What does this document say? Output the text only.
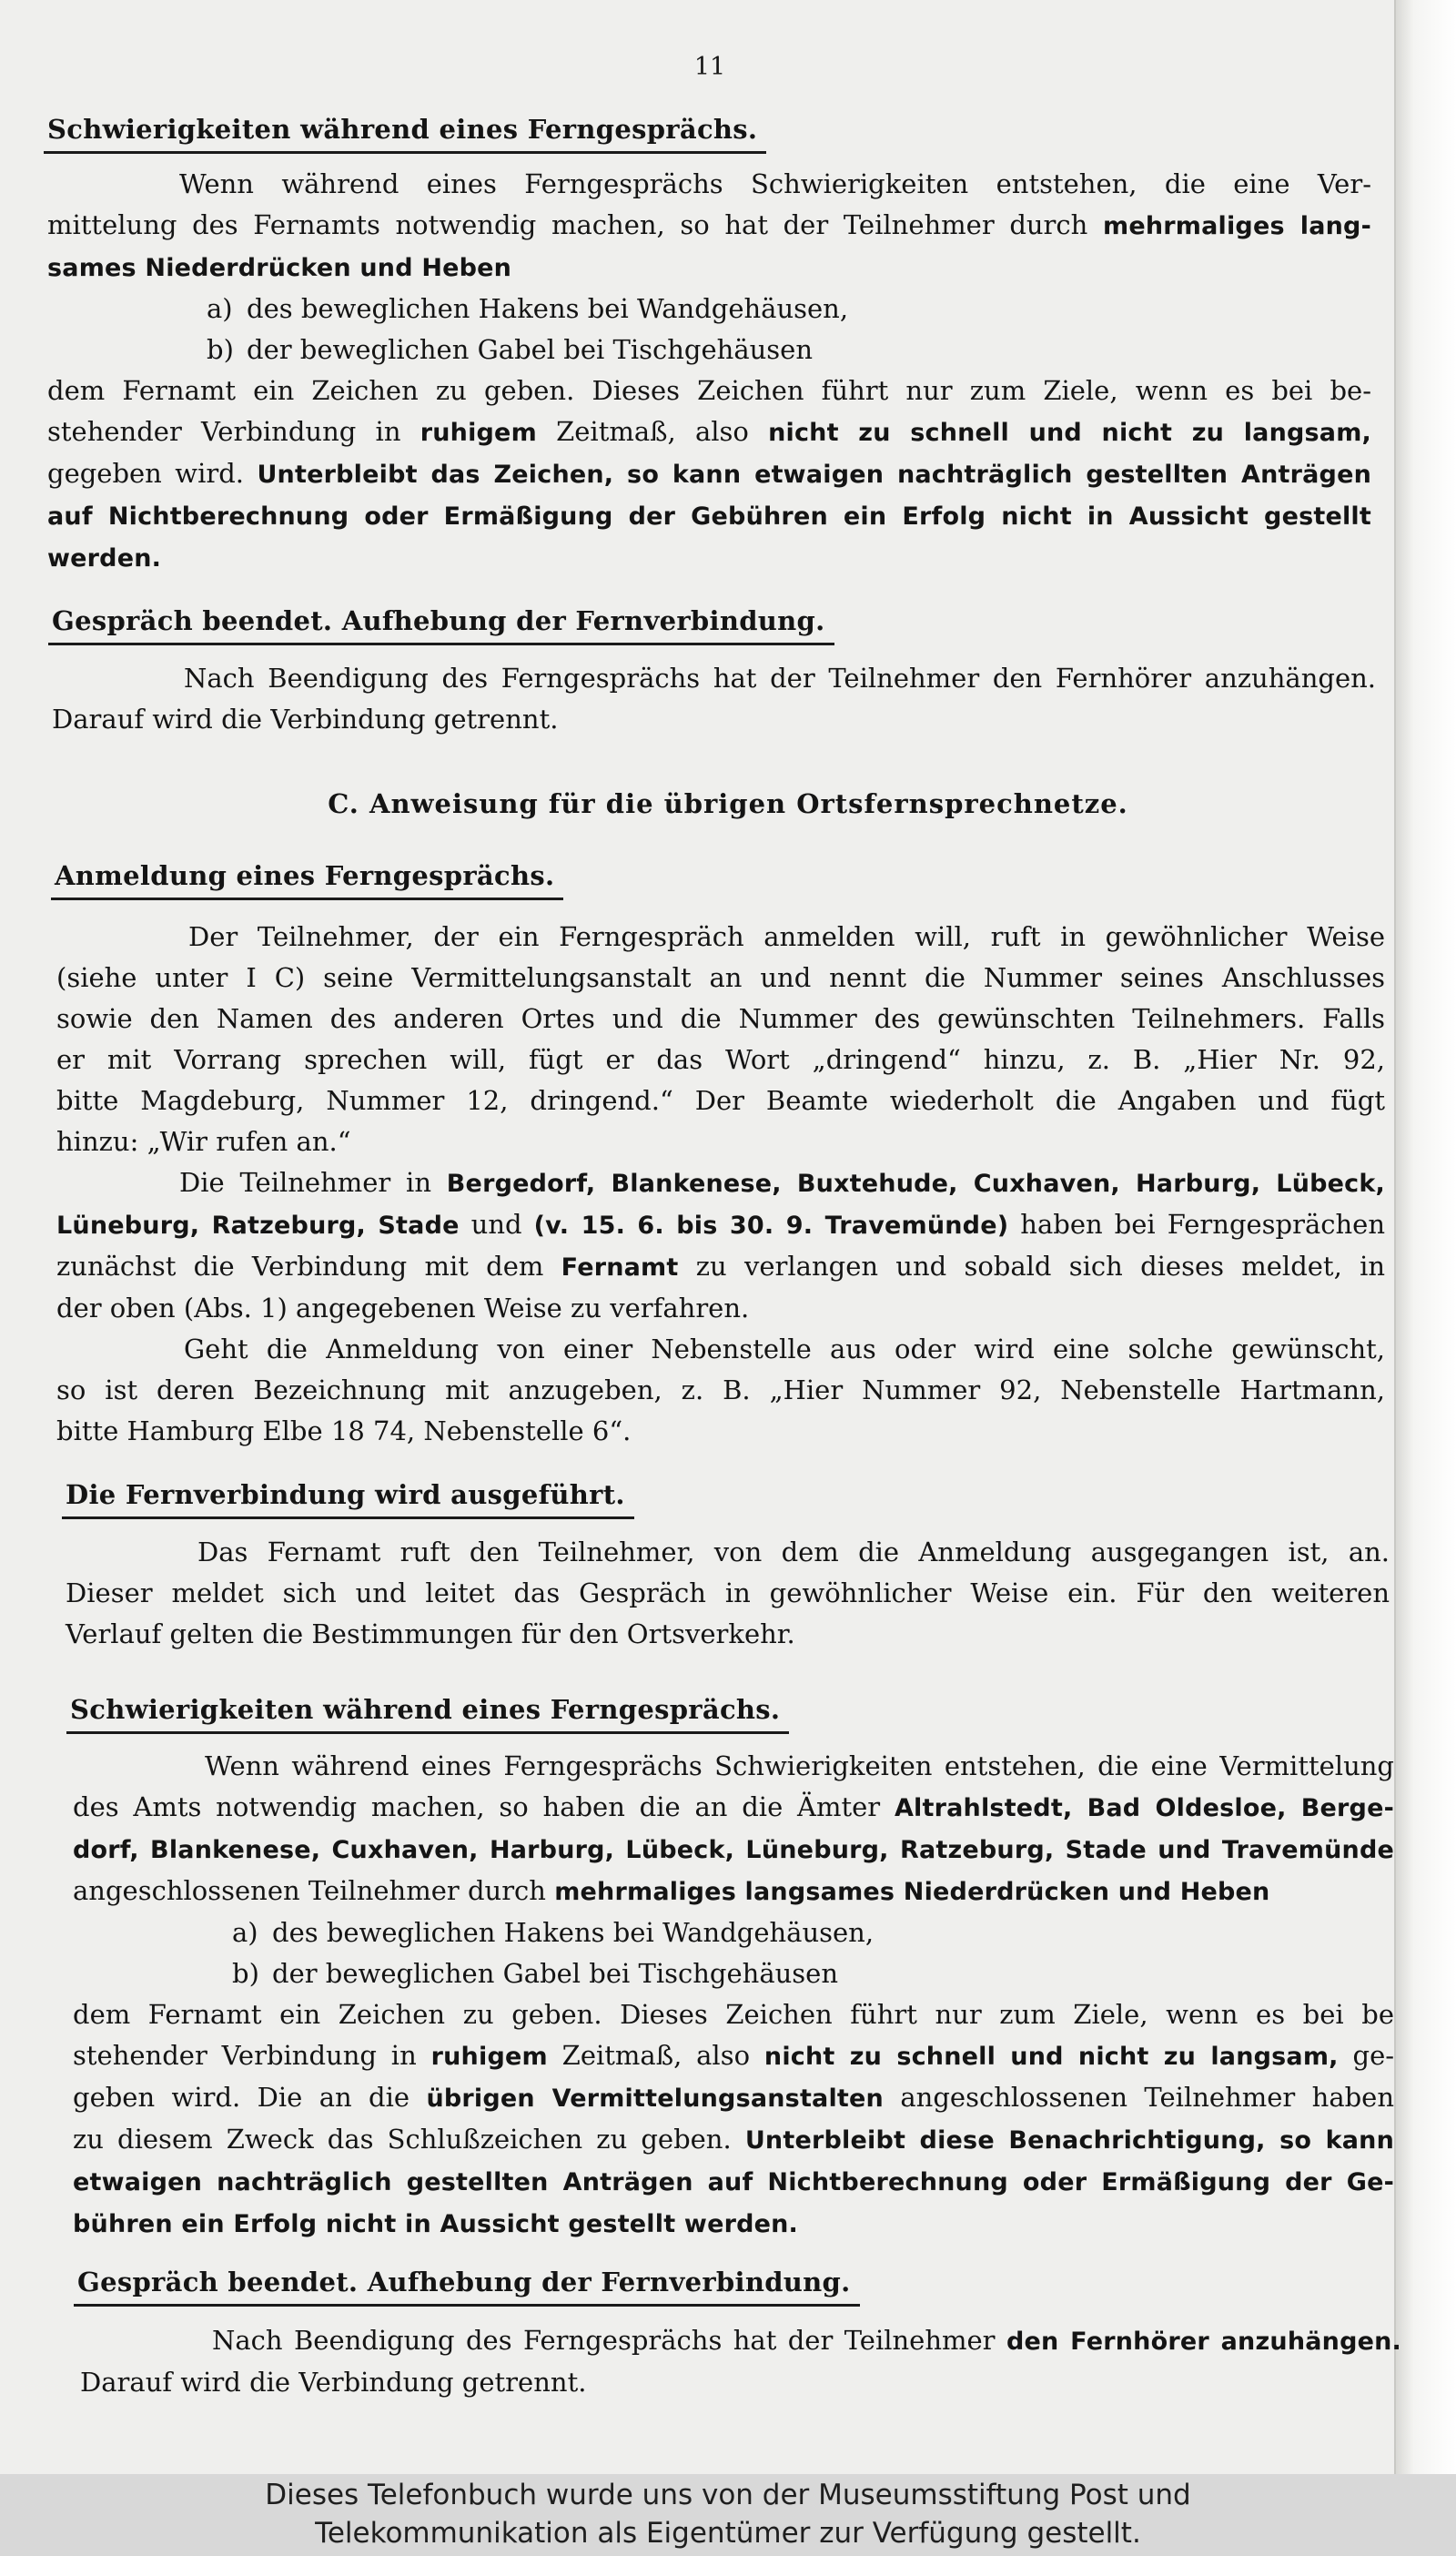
11
Schwierigkeiten während eines Ferngesprächs.
Wenn während eines Ferngesprächs Schwierigkeiten entstehen, die eine Ver-
mittelung des Fernamts notwendig machen, so hat der Teilnehmer durch mehrmaliges lang-
sames Niederdrücken und Heben
a) des beweglichen Hakens bei Wandgehäusen,
b) der beweglichen Gabel bei Tischgehäusen
dem Fernamt ein Zeichen zu geben. Dieses Zeichen führt nur zum Ziele, wenn es bei be-
stehender Verbindung in ruhigem Zeitmaß, also nicht zu schnell und nicht zu langsam,
gegeben wird. Unterbleibt das Zeichen, so kann etwaigen nachträglich gestellten Anträgen
auf Nichtberechnung oder Ermäßigung der Gebühren ein Erfolg nicht in Aussicht gestellt
werden.
Gespräch beendet. Aufhebung der Fernverbindung.
Nach Beendigung des Ferngesprächs hat der Teilnehmer den Fernhörer anzuhängen.
Darauf wird die Verbindung getrennt.
C. Anweisung für die übrigen Ortsfernsprechnetze.
Anmeldung eines Ferngesprächs.
Der Teilnehmer, der ein Ferngespräch anmelden will, ruft in gewöhnlicher Weise
(siehe unter I C) seine Vermittelungsanstalt an und nennt die Nummer seines Anschlusses
sowie den Namen des anderen Ortes und die Nummer des gewünschten Teilnehmers. Falls
er mit Vorrang sprechen will, fügt er das Wort „dringend“ hinzu, z. B. „Hier Nr. 92,
bitte Magdeburg, Nummer 12, dringend.“ Der Beamte wiederholt die Angaben und fügt
hinzu: „Wir rufen an.“
Die Teilnehmer in Bergedorf, Blankenese, Buxtehude, Cuxhaven, Harburg, Lübeck,
Lüneburg, Ratzeburg, Stade und (v. 15. 6. bis 30. 9. Travemünde) haben bei Ferngesprächen
zunächst die Verbindung mit dem Fernamt zu verlangen und sobald sich dieses meldet, in
der oben (Abs. 1) angegebenen Weise zu verfahren.
Geht die Anmeldung von einer Nebenstelle aus oder wird eine solche gewünscht,
so ist deren Bezeichnung mit anzugeben, z. B. „Hier Nummer 92, Nebenstelle Hartmann,
bitte Hamburg Elbe 18 74, Nebenstelle 6“.
Die Fernverbindung wird ausgeführt.
Das Fernamt ruft den Teilnehmer, von dem die Anmeldung ausgegangen ist, an.
Dieser meldet sich und leitet das Gespräch in gewöhnlicher Weise ein. Für den weiteren
Verlauf gelten die Bestimmungen für den Ortsverkehr.
Schwierigkeiten während eines Ferngesprächs.
Wenn während eines Ferngesprächs Schwierigkeiten entstehen, die eine Vermittelung
des Amts notwendig machen, so haben die an die Ämter Altrahlstedt, Bad Oldesloe, Berge-
dorf, Blankenese, Cuxhaven, Harburg, Lübeck, Lüneburg, Ratzeburg, Stade und Travemünde
angeschlossenen Teilnehmer durch mehrmaliges langsames Niederdrücken und Heben
a) des beweglichen Hakens bei Wandgehäusen,
b) der beweglichen Gabel bei Tischgehäusen
dem Fernamt ein Zeichen zu geben. Dieses Zeichen führt nur zum Ziele, wenn es bei be
stehender Verbindung in ruhigem Zeitmaß, also nicht zu schnell und nicht zu langsam, ge-
geben wird. Die an die übrigen Vermittelungsanstalten angeschlossenen Teilnehmer haben
zu diesem Zweck das Schlußzeichen zu geben. Unterbleibt diese Benachrichtigung, so kann
etwaigen nachträglich gestellten Anträgen auf Nichtberechnung oder Ermäßigung der Ge-
bühren ein Erfolg nicht in Aussicht gestellt werden.
Gespräch beendet. Aufhebung der Fernverbindung.
Nach Beendigung des Ferngesprächs hat der Teilnehmer den Fernhörer anzuhängen.
Darauf wird die Verbindung getrennt.
Dieses Telefonbuch wurde uns von der Museumsstiftung Post und
Telekommunikation als Eigentümer zur Verfügung gestellt.
